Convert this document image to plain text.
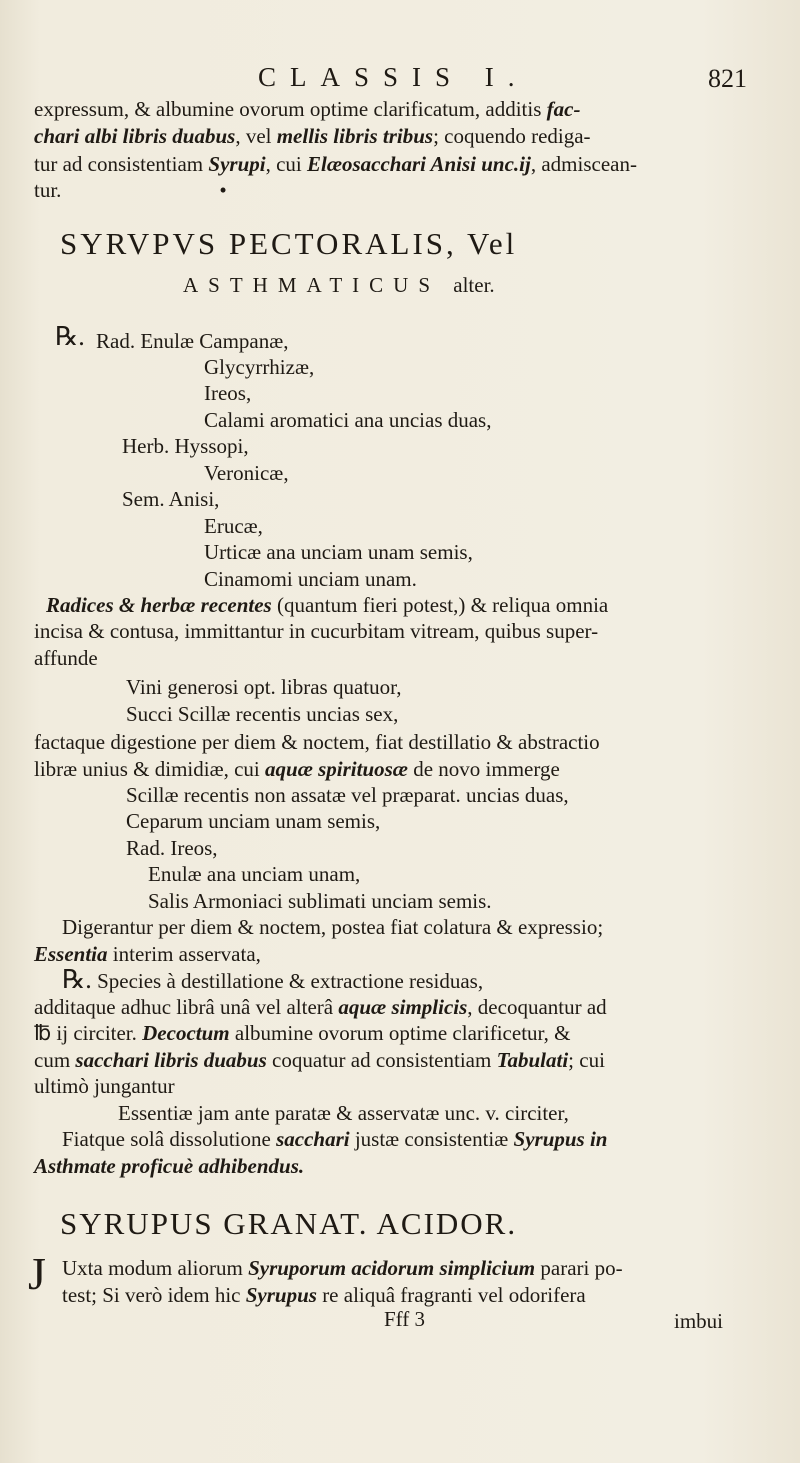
CLASSIS I.	821
expressum, & albumine ovorum optime clarificatum, additis fac-
chari albi libris duabus, vel mellis libris tribus; coquendo rediga-
tur ad consistentiam Syrupi, cui Elæosacchari Anisi unc.ij, admiscean-
tur.	•
SYRVPVS PECTORALIS, Vel
ASTHMATICUS alter.
℞. Rad. Enulæ Campanæ,
Glycyrrhizæ,
Ireos,
Calami aromatici ana uncias duas,
Herb. Hyssopi,
Veronicæ,
Sem. Anisi,
Erucæ,
Urticæ ana unciam unam semis,
Cinamomi unciam unam.
Radices & herbæ recentes (quantum fieri potest,) & reliqua omnia
incisa & contusa, immittantur in cucurbitam vitream, quibus super-
affunde
Vini generosi opt. libras quatuor,
Succi Scillæ recentis uncias sex,
factaque digestione per diem & noctem, fiat destillatio & abstractio
libræ unius & dimidiæ, cui aquæ spirituosæ de novo immerge
Scillæ recentis non assatæ vel præparat. uncias duas,
Ceparum unciam unam semis,
Rad. Ireos,
Enulæ ana unciam unam,
Salis Armoniaci sublimati unciam semis.
Digerantur per diem & noctem, postea fiat colatura & expressio;
Essentia interim asservata,
℞. Species à destillatione & extractione residuas,
additaque adhuc librâ unâ vel alterâ aquæ simplicis, decoquantur ad
℔ ij circiter. Decoctum albumine ovorum optime clarificetur, &
cum sacchari libris duabus coquatur ad consistentiam Tabulati; cui
ultimò jungantur
Essentiæ jam ante paratæ & asservatæ unc. v. circiter,
Fiatque solâ dissolutione sacchari justæ consistentiæ Syrupus in
Asthmate proficuè adhibendus.
SYRUPUS GRANAT. ACIDOR.
J Uxta modum aliorum Syruporum acidorum simplicium parari po-
test; Si verò idem hic Syrupus re aliquâ fragranti vel odorifera
Fff 3	imbui
